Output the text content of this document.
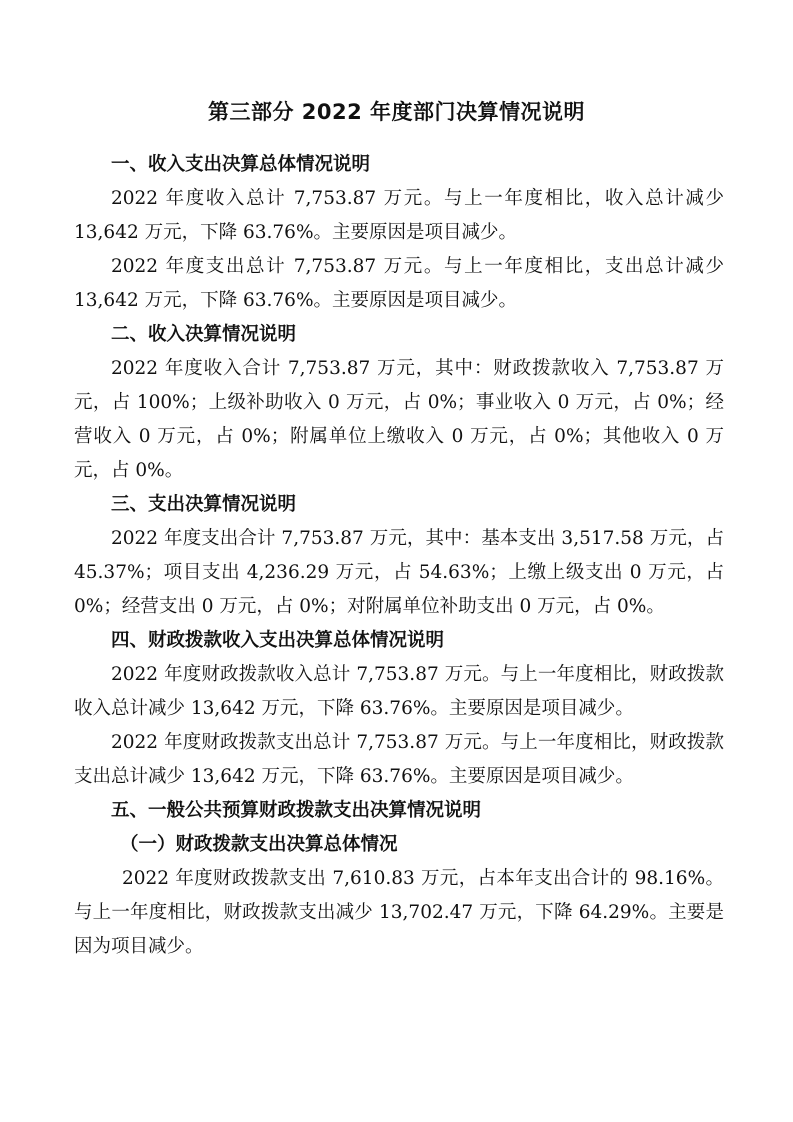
第三部分 2022 年度部门决算情况说明

一、收入支出决算总体情况说明

2022 年度收入总计 7,753.87 万元。与上一年度相比，收入总计减少 13,642 万元，下降 63.76%。主要原因是项目减少。

2022 年度支出总计 7,753.87 万元。与上一年度相比，支出总计减少 13,642 万元，下降 63.76%。主要原因是项目减少。

二、收入决算情况说明

2022 年度收入合计 7,753.87 万元，其中：财政拨款收入 7,753.87 万元，占 100%；上级补助收入 0 万元，占 0%；事业收入 0 万元，占 0%；经营收入 0 万元，占 0%；附属单位上缴收入 0 万元，占 0%；其他收入 0 万元，占 0%。

三、支出决算情况说明

2022 年度支出合计 7,753.87 万元，其中：基本支出 3,517.58 万元，占 45.37%；项目支出 4,236.29 万元，占 54.63%；上缴上级支出 0 万元，占 0%；经营支出 0 万元，占 0%；对附属单位补助支出 0 万元，占 0%。

四、财政拨款收入支出决算总体情况说明

2022 年度财政拨款收入总计 7,753.87 万元。与上一年度相比，财政拨款收入总计减少 13,642 万元，下降 63.76%。主要原因是项目减少。

2022 年度财政拨款支出总计 7,753.87 万元。与上一年度相比，财政拨款支出总计减少 13,642 万元，下降 63.76%。主要原因是项目减少。

五、一般公共预算财政拨款支出决算情况说明

（一）财政拨款支出决算总体情况

2022 年度财政拨款支出 7,610.83 万元，占本年支出合计的 98.16%。与上一年度相比，财政拨款支出减少 13,702.47 万元，下降 64.29%。主要是因为项目减少。
